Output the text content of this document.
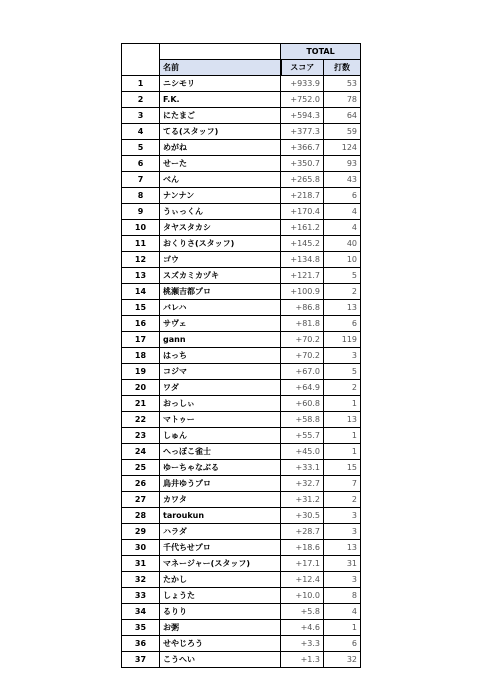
		TOTAL	
	名前	スコア	打数
1	ニシモリ	+933.9	53
2	F.K.	+752.0	78
3	にたまご	+594.3	64
4	てる(スタッフ)	+377.3	59
5	めがね	+366.7	124
6	せーた	+350.7	93
7	べん	+265.8	43
8	ナンナン	+218.7	6
9	うぃっくん	+170.4	4
10	タヤスタカシ	+161.2	4
11	おくりさ(スタッフ)	+145.2	40
12	ゴウ	+134.8	10
13	スズカミカヅキ	+121.7	5
14	桃瀬吉都プロ	+100.9	2
15	バレハ	+86.8	13
16	サヴェ	+81.8	6
17	gann	+70.2	119
18	はっち	+70.2	3
19	コジマ	+67.0	5
20	ワダ	+64.9	2
21	おっしぃ	+60.8	1
22	マトゥー	+58.8	13
23	しゅん	+55.7	1
24	へっぽこ雀士	+45.0	1
25	ゆーちゃなぶる	+33.1	15
26	鳥井ゆうプロ	+32.7	7
27	カワタ	+31.2	2
28	taroukun	+30.5	3
29	ハラダ	+28.7	3
30	千代ちせプロ	+18.6	13
31	マネージャー(スタッフ)	+17.1	31
32	たかし	+12.4	3
33	しょうた	+10.0	8
34	るりり	+5.8	4
35	お粥	+4.6	1
36	せやじろう	+3.3	6
37	こうへい	+1.3	32
